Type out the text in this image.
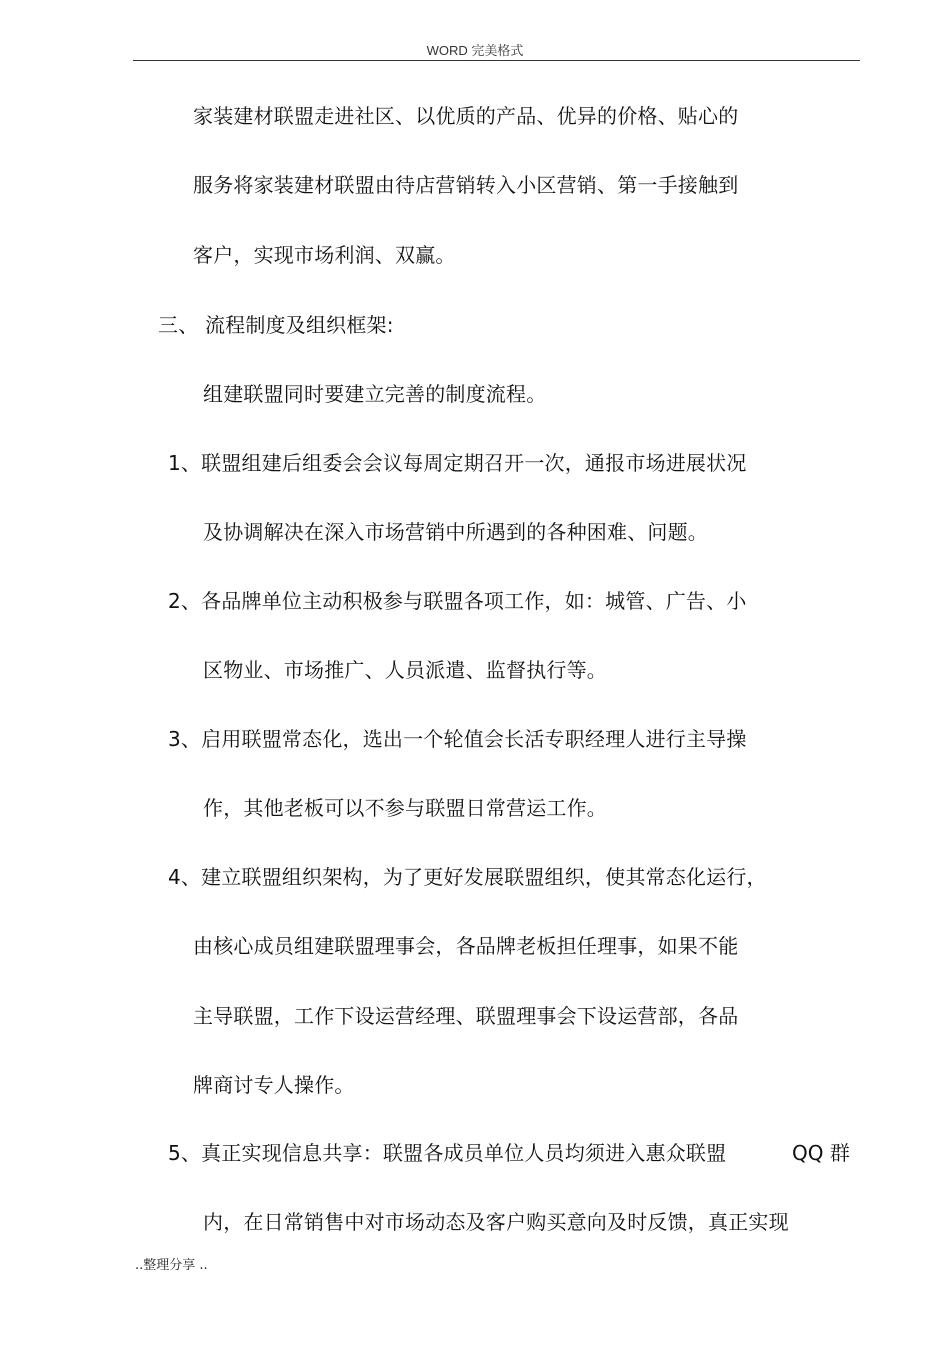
WORD 完美格式
家装建材联盟走进社区、以优质的产品、优异的价格、贴心的
服务将家装建材联盟由待店营销转入小区营销、第一手接触到
客户，实现市场利润、双赢。
三、 流程制度及组织框架:
组建联盟同时要建立完善的制度流程。
1、联盟组建后组委会会议每周定期召开一次，通报市场进展状况
及协调解决在深入市场营销中所遇到的各种困难、问题。
2、各品牌单位主动积极参与联盟各项工作，如：城管、广告、小
区物业、市场推广、人员派遣、监督执行等。
3、启用联盟常态化，选出一个轮值会长活专职经理人进行主导操
作，其他老板可以不参与联盟日常营运工作。
4、建立联盟组织架构，为了更好发展联盟组织，使其常态化运行，
由核心成员组建联盟理事会，各品牌老板担任理事，如果不能
主导联盟，工作下设运营经理、联盟理事会下设运营部，各品
牌商讨专人操作。
5、真正实现信息共享：联盟各成员单位人员均须进入惠众联盟	QQ 群
内，在日常销售中对市场动态及客户购买意向及时反馈，真正实现
..整理分享 ..
